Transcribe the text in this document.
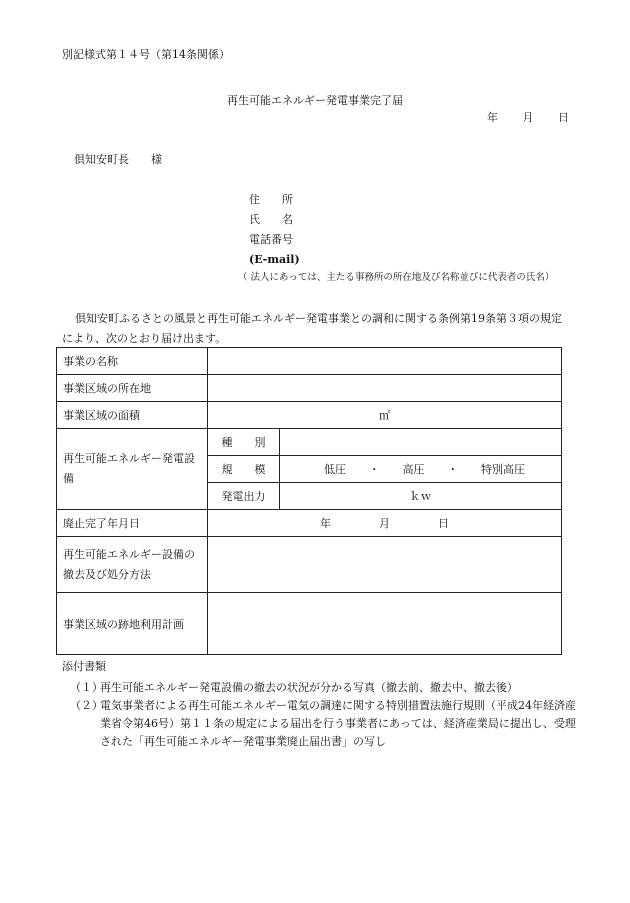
別記様式第１４号（第14条関係）
再生可能エネルギー発電事業完了届
年 月 日
倶知安町長　　様
住　　所
氏　　名
電話番号
(E-mail)
（ 法人にあっては、主たる事務所の所在地及び名称並びに代表者の氏名）
倶知安町ふるさとの風景と再生可能エネルギー発電事業との調和に関する条例第19条第３項の規定により、次のとおり届け出ます。
事業の名称		
事業区域の所在地		
事業区域の面積	㎡	
再生可能エネルギー発電設備	種　　別	
	規　　模	低圧 ・ 高圧 ・ 特別高圧

	発電出力	ｋｗ
廃止完了年月日	年 月 日	

再生可能エネルギー設備の撤去及び処分方法		
事業区域の跡地利用計画		
添付書類
（１）
再生可能エネルギー発電設備の撤去の状況が分かる写真（撤去前、撤去中、撤去後）
（２）
電気事業者による再生可能エネルギー電気の調達に関する特別措置法施行規則（平成24年経済産業省令第46号）第１１条の規定による届出を行う事業者にあっては、経済産業局に提出し、受理された「再生可能エネルギー発電事業廃止届出書」の写し
